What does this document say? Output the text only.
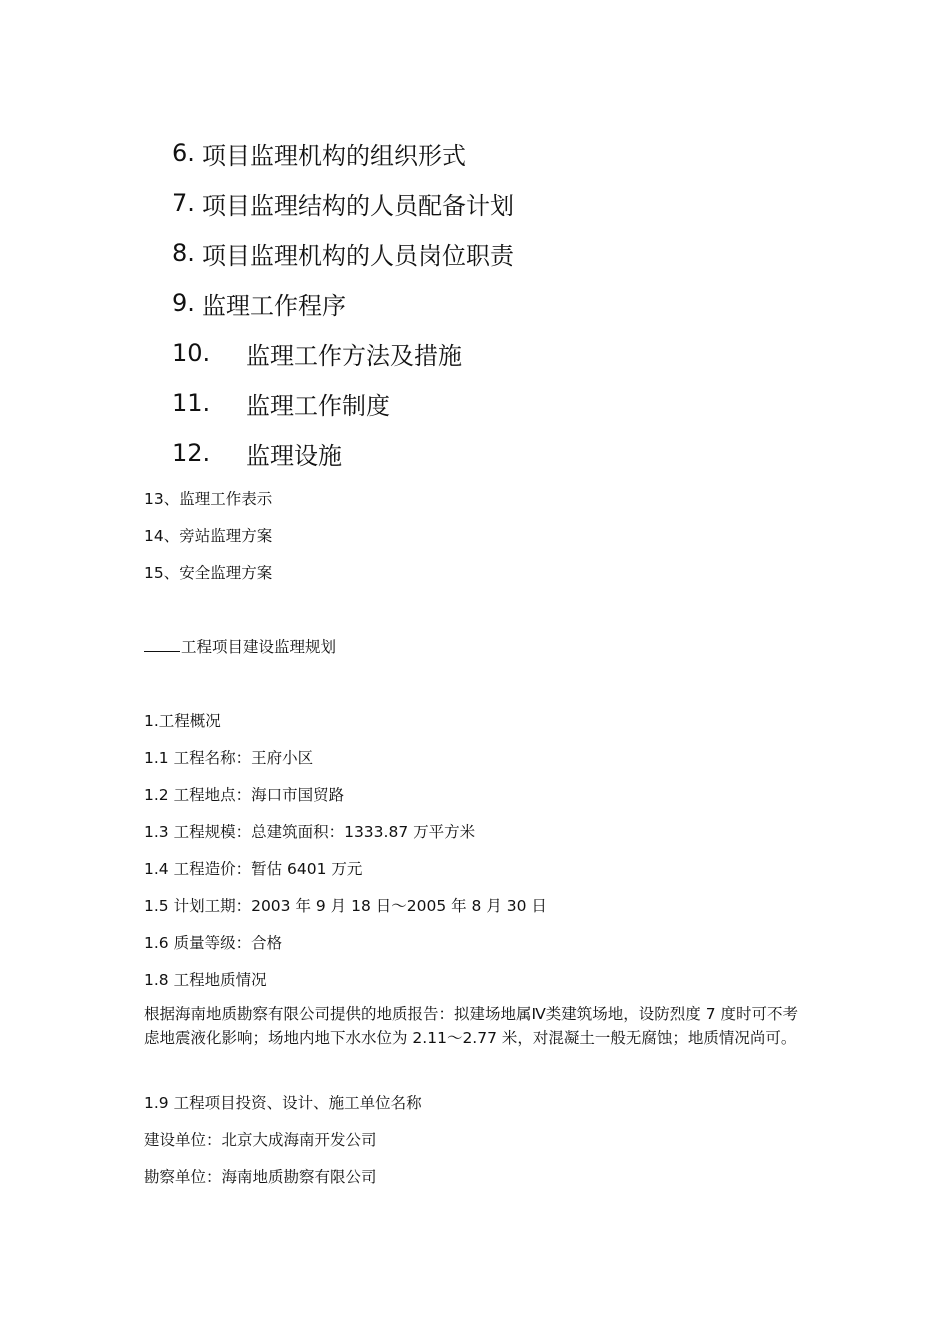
6. 项目监理机构的组织形式
7. 项目监理结构的人员配备计划
8. 项目监理机构的人员岗位职责
9. 监理工作程序
10.	监理工作方法及措施
11.	监理工作制度
12.	监理设施
13、监理工作表示
14、旁站监理方案
15、安全监理方案
工程项目建设监理规划
1.工程概况
1.1 工程名称：王府小区
1.2 工程地点：海口市国贸路
1.3 工程规模：总建筑面积：1333.87 万平方米
1.4 工程造价：暂估 6401 万元
1.5 计划工期：2003 年 9 月 18 日～2005 年 8 月 30 日
1.6 质量等级：合格
1.8 工程地质情况
根据海南地质勘察有限公司提供的地质报告：拟建场地属Ⅳ类建筑场地，设防烈度 7 度时可不考虑地震液化影响；场地内地下水水位为 2.11～2.77 米，对混凝土一般无腐蚀；地质情况尚可。
1.9 工程项目投资、设计、施工单位名称
建设单位：北京大成海南开发公司
勘察单位：海南地质勘察有限公司
